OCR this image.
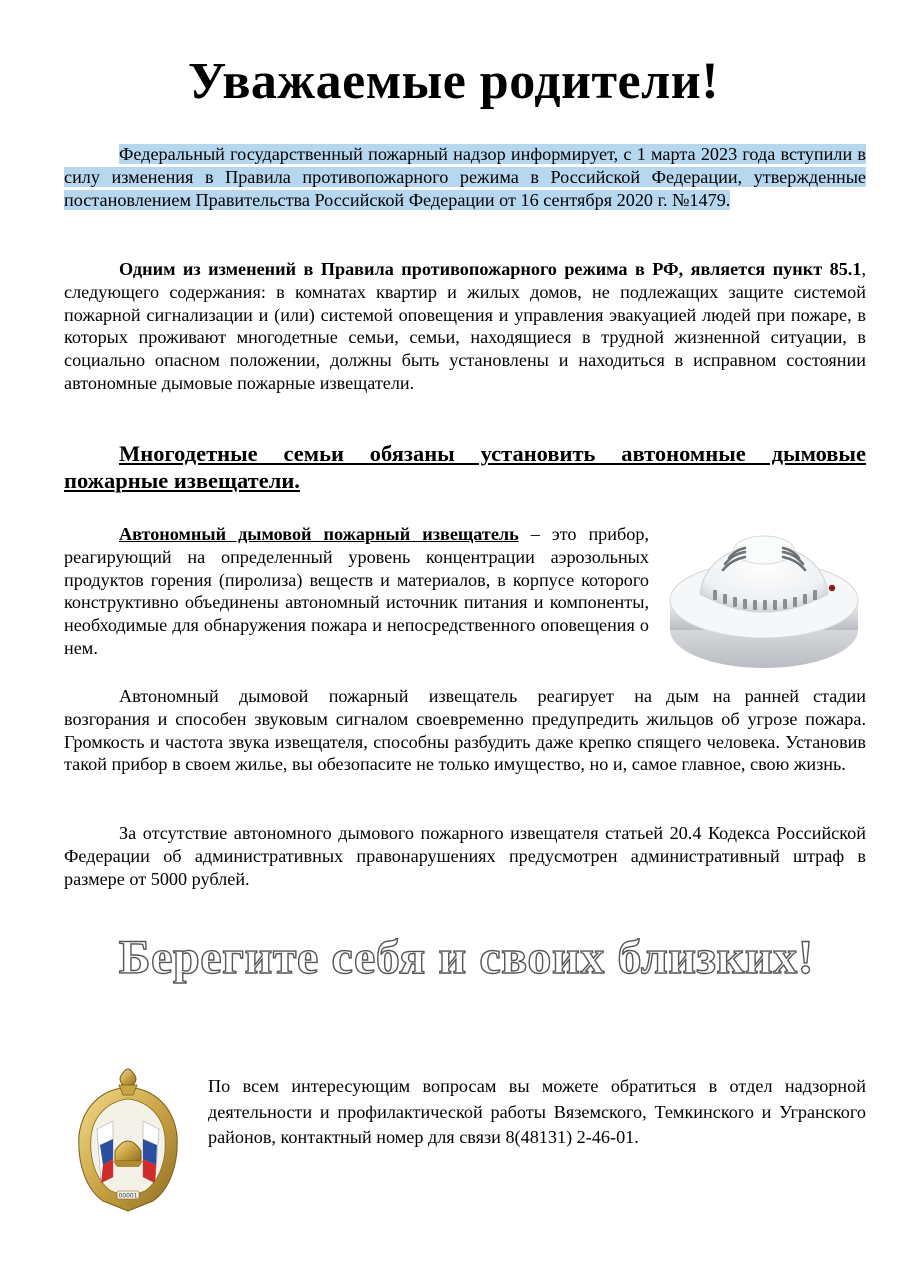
Уважаемые родители!
Федеральный государственный пожарный надзор информирует, с 1 марта 2023 года вступили в силу изменения в Правила противопожарного режима в Российской Федерации, утвержденные постановлением Правительства Российской Федерации от 16 сентября 2020 г. №1479.
Одним из изменений в Правила противопожарного режима в РФ, является пункт 85.1, следующего содержания: в комнатах квартир и жилых домов, не подлежащих защите системой пожарной сигнализации и (или) системой оповещения и управления эвакуацией людей при пожаре, в которых проживают многодетные семьи, семьи, находящиеся в трудной жизненной ситуации, в социально опасном положении, должны быть установлены и находиться в исправном состоянии автономные дымовые пожарные извещатели.
Многодетные семьи обязаны установить автономные дымовые пожарные извещатели.
Автономный дымовой пожарный извещатель – это прибор, реагирующий на определенный уровень концентрации аэрозольных продуктов горения (пиролиза) веществ и материалов, в корпусе которого конструктивно объединены автономный источник питания и компоненты, необходимые для обнаружения пожара и непосредственного оповещения о нем.
Автономный дымовой пожарный извещатель реагирует на дым на ранней стадии возгорания и способен звуковым сигналом своевременно предупредить жильцов об угрозе пожара. Громкость и частота звука извещателя, способны разбудить даже крепко спящего человека. Установив такой прибор в своем жилье, вы обезопасите не только имущество, но и, самое главное, свою жизнь.
За отсутствие автономного дымового пожарного извещателя статьей 20.4 Кодекса Российской Федерации об административных правонарушениях предусмотрен административный штраф в размере от 5000 рублей.
Берегите себя и своих близких!
00001
По всем интересующим вопросам вы можете обратиться в отдел надзорной деятельности и профилактической работы Вяземского, Темкинского и Угранского районов, контактный номер для связи 8(48131) 2-46-01.
